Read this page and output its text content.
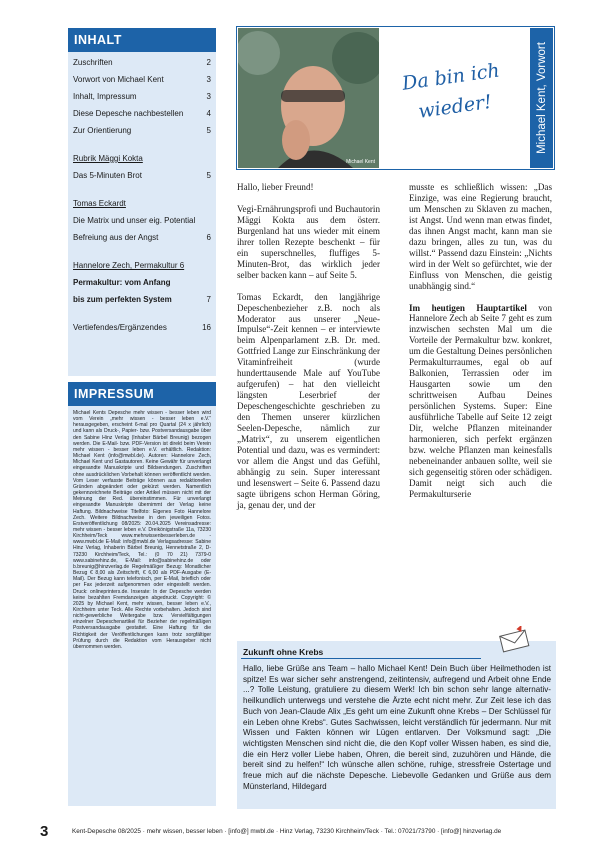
INHALT
Zuschriften	2
Vorwort von Michael Kent	3
Inhalt, Impressum	3
Diese Depesche nachbestellen	4
Zur Orientierung	5
Rubrik Mäggi Kokta
Das 5-Minuten Brot	5
Tomas Eckardt
Die Matrix und unser eig. Potential
Befreiung aus der Angst	6
Hannelore Zech, Permakultur 6
Permakultur: vom Anfang
bis zum perfekten System	7
Vertiefendes/Ergänzendes	16
IMPRESSUM

Michael Kents Depesche mehr wissen - besser leben wird vom Verein „mehr wissen - besser leben e.V.“ herausgegeben, erscheint 6-mal pro Quartal (24 x jährlich) und kann als Druck-, Papier- bzw. Postversandausgabe über den Sabine Hinz Verlag (Inhaber Bärbel Breunig) bezogen werden. Die E-Mail- bzw. PDF-Version ist direkt beim Verein mehr wissen - besser leben e.V. erhältlich. Redaktion: Michael Kent (info@mwbl.de). Autoren: Hannelore Zech, Michael Kent und Gastautoren. Keine Gewähr für unverlangt eingesandte Manuskripte und Bildsendungen. Zuschriften ohne ausdrücklichen Vorbehalt können veröffentlicht werden. Vom Leser verfasste Beiträge können aus redaktionellen Gründen abgeändert oder gekürzt werden. Namentlich gekennzeichnete Beiträge oder Artikel müssen nicht mit der Meinung der Red. übereinstimmen. Für unverlangt eingesandte Manuskripte übernimmt der Verlag keine Haftung. Bildnachweise Titelfoto: Eigenes Foto Hannelore Zech. Weitere Bildnachweise in den jeweiligen Fotos. Erstveröffentlichung 08/2025: 20.04.2025 Vereinsadresse: mehr wissen - besser leben e.V. Dreikönigstraße 11a, 73230 Kirchheim/Teck www.mehrwissenbesserleben.de - www.mwbl.de E-Mail: info@mwbl.de Verlagsadresse: Sabine Hinz Verlag, Inhaberin Bärbel Breunig, Hennetstraße 2, D-73230 Kirchheim/Teck, Tel.: (0 70 21) 7379-0 www.sabinehinz.de, E-Mail: info@sabinehinz.de oder b.breunig@hinzverlag.de Regelmäßiger Bezug: Monatlicher Bezug € 8,00 als Zeitschrift, € 6,00 als PDF-Ausgabe (E-Mail). Der Bezug kann telefonisch, per E-Mail, brieflich oder per Fax jederzeit aufgenommen oder eingestellt werden. Druck: onlineprinters.de. Inserate: In der Depesche werden keine bezahlten Fremdanzeigen abgedruckt. Copyright: © 2025 by Michael Kent, mehr wissen, besser leben e.V., Kirchheim unter Teck. Alle Rechte vorbehalten. Jedoch sind nicht-gewerbliche Weitergabe bzw. Vervielfältigungen einzelner Depeschenartikel für Bezieher der regelmäßigen Postversandausgabe gestattet. Eine Haftung für die Richtigkeit der Veröffentlichungen kann trotz sorgfältiger Prüfung durch die Redaktion vom Herausgeber nicht übernommen werden.

Michael Kent
Da bin ich
wieder!	Michael Kent, Vorwort

Hallo, lieber Freund!

Vegi-Ernährungsprofi und Buchautorin Mäggi Kokta aus dem österr. Burgenland hat uns wieder mit einem ihrer tollen Rezepte beschenkt – für ein superschnelles, fluffiges 5-Minuten-Brot, das wirklich jeder selber backen kann – auf Seite 5.

Tomas Eckardt, den langjährige Depeschenbezieher z.B. noch als Moderator aus unserer „Neue-Impulse“-Zeit kennen – er interviewte beim Alpenparlament z.B. Dr. med. Gottfried Lange zur Einschränkung der Vitaminfreiheit (wurde hunderttausende Male auf YouTube aufgerufen) – hat den vielleicht längsten Leserbrief der Depeschengeschichte geschrieben zu den Themen unserer kürzlichen Seelen-Depesche, nämlich zur „Matrix“, zu unserem eigentlichen Potential und dazu, was es vermindert: vor allem die Angst und das Gefühl, abhängig zu sein. Super interessant und lesenswert – Seite 6. Passend dazu sagte übrigens schon Herman Göring, ja, genau der, und der

musste es schließlich wissen: „Das Einzige, was eine Regierung braucht, um Menschen zu Sklaven zu machen, ist Angst. Und wenn man etwas findet, das ihnen Angst macht, kann man sie dazu bringen, alles zu tun, was du willst.“ Passend dazu Einstein: „Nichts wird in der Welt so gefürchtet, wie der Einfluss von Menschen, die geistig unabhängig sind.“

Im heutigen Hauptartikel von Hannelore Zech ab Seite 7 geht es zum inzwischen sechsten Mal um die Vorteile der Permakultur bzw. konkret, um die Gestaltung Deines persönlichen Permakulturraumes, egal ob auf Balkonien, Terrassien oder im Hausgarten sowie um den schrittweisen Aufbau Deines persönlichen Systems. Super: Eine ausführliche Tabelle auf Seite 12 zeigt Dir, welche Pflanzen miteinander harmonieren, sich perfekt ergänzen bzw. welche Pflanzen man keinesfalls nebeneinander anbauen sollte, weil sie sich gegenseitig stören oder schädigen. Damit neigt sich auch die Permakulturserie

Zukunft ohne Krebs
Hallo, liebe Grüße ans Team – hallo Michael Kent! Dein Buch über Heilmethoden ist spitze! Es war sicher sehr anstrengend, zeitintensiv, aufregend und Arbeit ohne Ende ...? Tolle Leistung, gratuliere zu diesem Werk! Ich bin schon sehr lange alternativ-heilkundlich unterwegs und verstehe die Ärzte echt nicht mehr. Zur Zeit lese ich das Buch von Jean-Claude Alix „Es geht um eine Zukunft ohne Krebs – Der Schlüssel für ein Leben ohne Krebs“. Gutes Sachwissen, leicht verständlich für jedermann. Nur mit Wissen und Fakten können wir Lügen entlarven. Der Volksmund sagt: „Die wichtigsten Menschen sind nicht die, die den Kopf voller Wissen haben, es sind die, die ein Herz voller Liebe haben, Ohren, die bereit sind, zuzuhören und Hände, die bereit sind zu helfen!“ Ich wünsche allen schöne, ruhige, stressfreie Ostertage und freue mich auf die nächste Depesche. Liebevolle Gedanken und Grüße aus dem Münsterland, Hildegard
3	Kent-Depesche 08/2025 · mehr wissen, besser leben · [info@] mwbl.de · Hinz Verlag, 73230 Kirchheim/Teck · Tel.: 07021/73790 · [info@] hinzverlag.de
